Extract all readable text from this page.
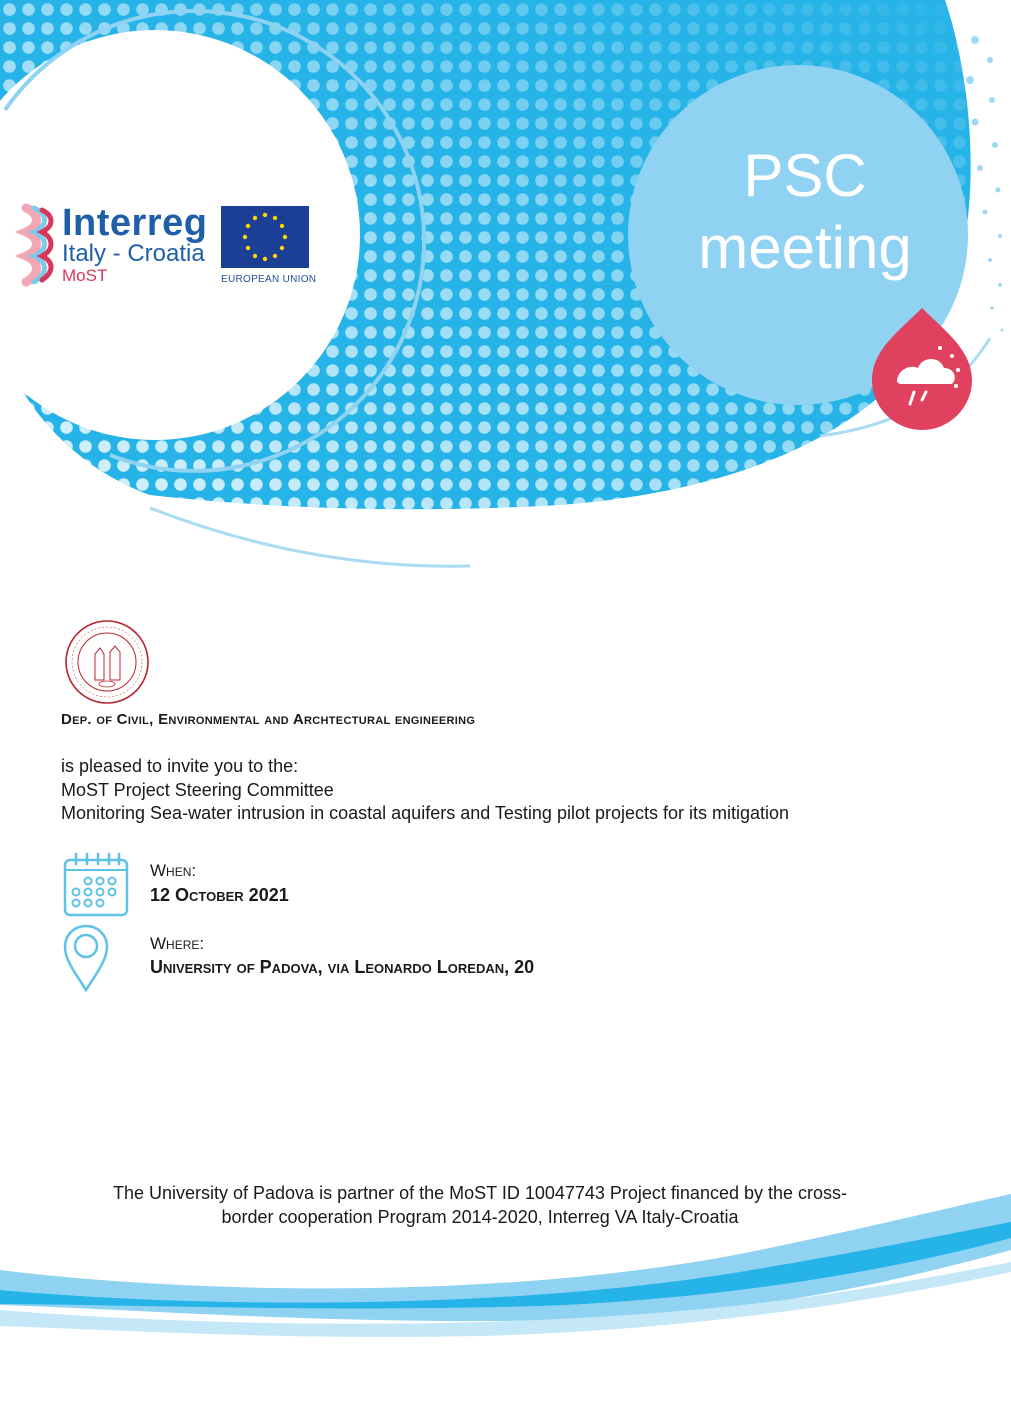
Interreg
Italy - Croatia
MoST	EUROPEAN UNION
PSC
meeting
Dep. of Civil, Environmental and Archtectural engineering
is pleased to invite you to the:
MoST Project Steering Committee
Monitoring Sea-water intrusion in coastal aquifers and Testing pilot projects for its mitigation
When:
12 October 2021
Where:
University of Padova, via Leonardo Loredan, 20
The University of Padova is partner of the MoST ID 10047743 Project financed by the cross-
border cooperation Program 2014-2020, Interreg VA Italy-Croatia
